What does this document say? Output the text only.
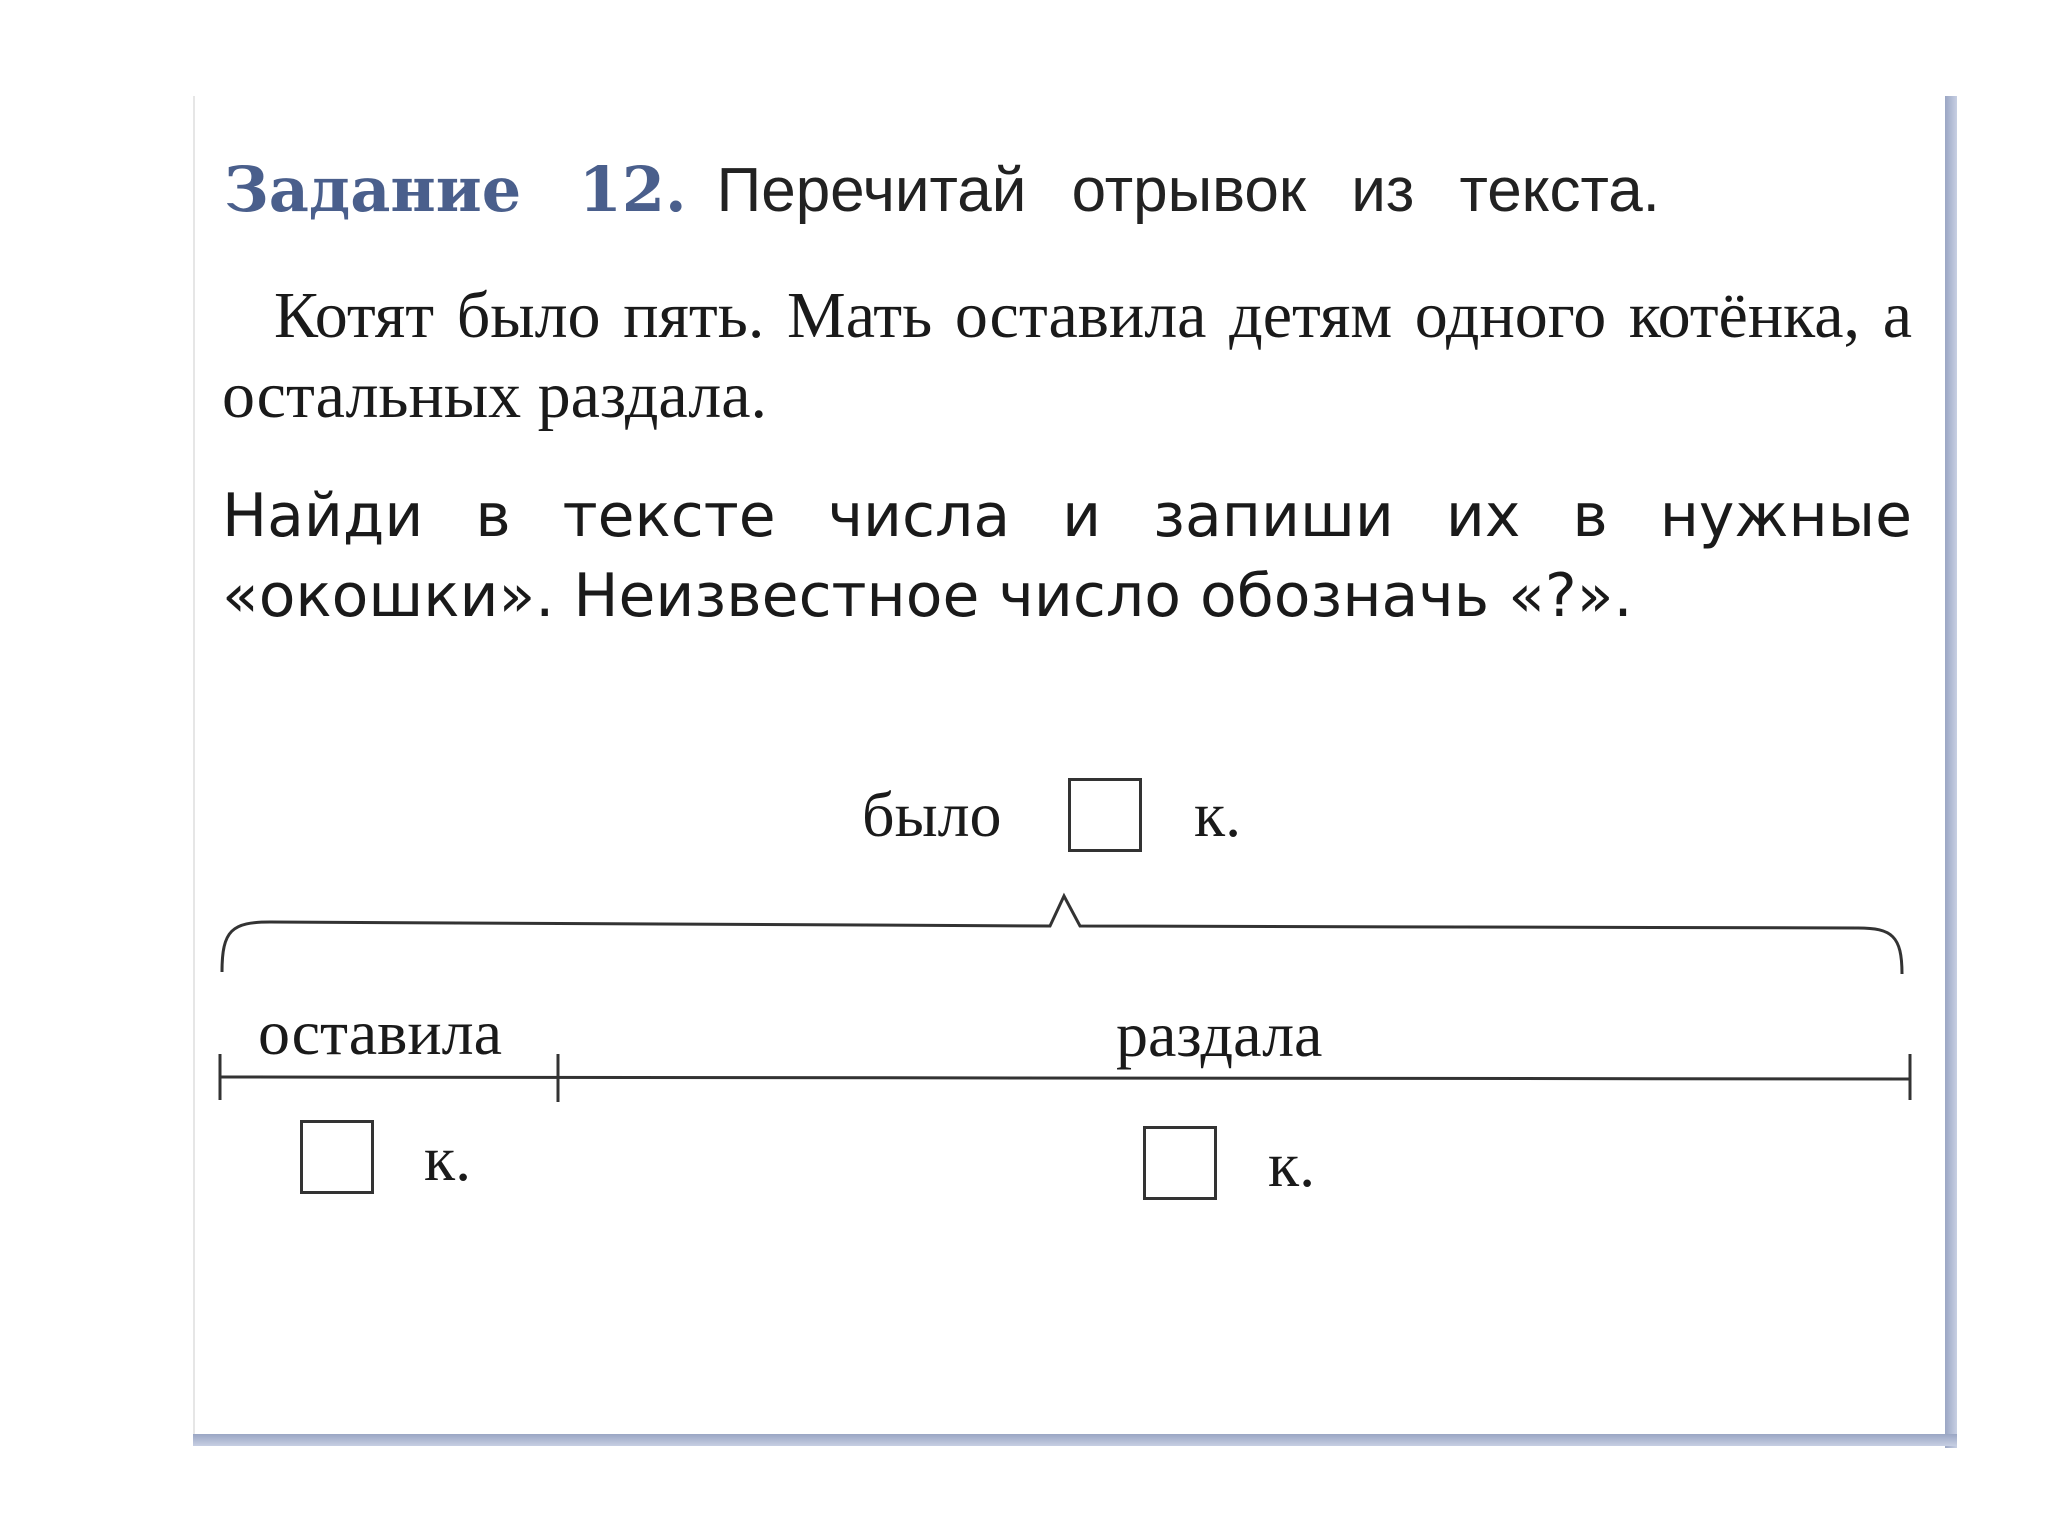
Задание 12. Перечитай отрывок из текста.

Котят было пять. Мать оставила детям одного котёнка, а остальных раздала.

Найди в тексте числа и запиши их в нужные «окошки». Неизвестное число обозначь «?».

было	к.
оставила	раздала
к.	к.
